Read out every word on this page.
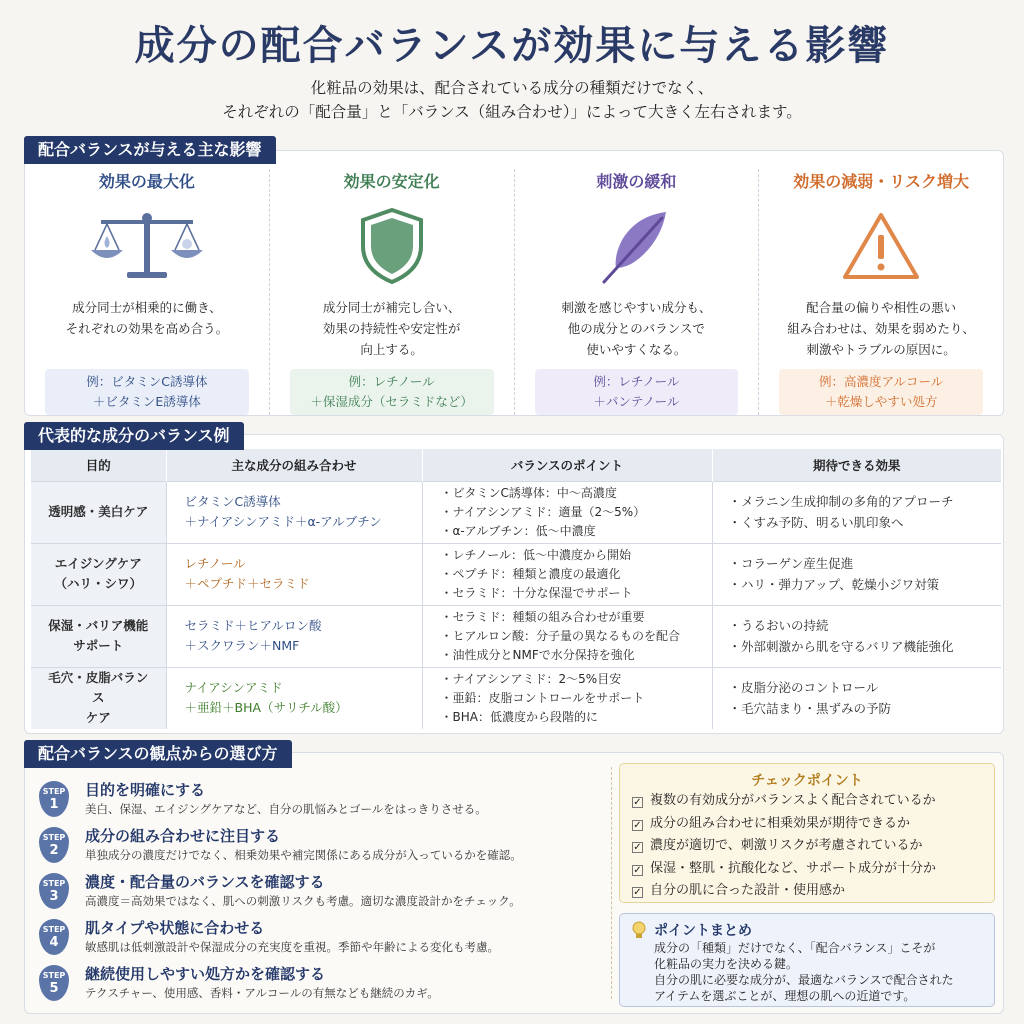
成分の配合バランスが効果に与える影響
化粧品の効果は、配合されている成分の種類だけでなく、
それぞれの「配合量」と「バランス（組み合わせ）」によって大きく左右されます。
配合バランスが与える主な影響
効果の最大化
成分同士が相乗的に働き、
それぞれの効果を高め合う。
例：ビタミンC誘導体
＋ビタミンE誘導体
効果の安定化
成分同士が補完し合い、
効果の持続性や安定性が
向上する。
例：レチノール
＋保湿成分（セラミドなど）
刺激の緩和
刺激を感じやすい成分も、
他の成分とのバランスで
使いやすくなる。
例：レチノール
＋パンテノール
効果の減弱・リスク増大
配合量の偏りや相性の悪い
組み合わせは、効果を弱めたり、
刺激やトラブルの原因に。
例：高濃度アルコール
＋乾燥しやすい処方
代表的な成分のバランス例
目的	主な成分の組み合わせ	バランスのポイント	期待できる効果
透明感・美白ケア	ビタミンC誘導体
＋ナイアシンアミド＋α-アルブチン	・ビタミンC誘導体：中〜高濃度
・ナイアシンアミド：適量（2〜5%）
・α-アルブチン：低〜中濃度	・メラニン生成抑制の多角的アプローチ
・くすみ予防、明るい肌印象へ
エイジングケア
（ハリ・シワ）	レチノール
＋ペプチド＋セラミド	・レチノール：低〜中濃度から開始
・ペプチド：種類と濃度の最適化
・セラミド：十分な保湿でサポート	・コラーゲン産生促進
・ハリ・弾力アップ、乾燥小ジワ対策
保湿・バリア機能
サポート	セラミド＋ヒアルロン酸
＋スクワラン＋NMF	・セラミド：種類の組み合わせが重要
・ヒアルロン酸：分子量の異なるものを配合
・油性成分とNMFで水分保持を強化	・うるおいの持続
・外部刺激から肌を守るバリア機能強化
毛穴・皮脂バランス
ケア	ナイアシンアミド
＋亜鉛＋BHA（サリチル酸）	・ナイアシンアミド：2〜5%目安
・亜鉛：皮脂コントロールをサポート
・BHA：低濃度から段階的に	・皮脂分泌のコントロール
・毛穴詰まり・黒ずみの予防
配合バランスの観点からの選び方
STEP
1
目的を明確にする
美白、保湿、エイジングケアなど、自分の肌悩みとゴールをはっきりさせる。
STEP
2
成分の組み合わせに注目する
単独成分の濃度だけでなく、相乗効果や補完関係にある成分が入っているかを確認。
STEP
3
濃度・配合量のバランスを確認する
高濃度＝高効果ではなく、肌への刺激リスクも考慮。適切な濃度設計かをチェック。
STEP
4
肌タイプや状態に合わせる
敏感肌は低刺激設計や保湿成分の充実度を重視。季節や年齢による変化も考慮。
STEP
5
継続使用しやすい処方かを確認する
テクスチャー、使用感、香料・アルコールの有無なども継続のカギ。
チェックポイント
✓ 複数の有効成分がバランスよく配合されているか
✓ 成分の組み合わせに相乗効果が期待できるか
✓ 濃度が適切で、刺激リスクが考慮されているか
✓ 保湿・整肌・抗酸化など、サポート成分が十分か
✓ 自分の肌に合った設計・使用感か
ポイントまとめ
成分の「種類」だけでなく、「配合バランス」こそが
化粧品の実力を決める鍵。
自分の肌に必要な成分が、最適なバランスで配合された
アイテムを選ぶことが、理想の肌への近道です。
